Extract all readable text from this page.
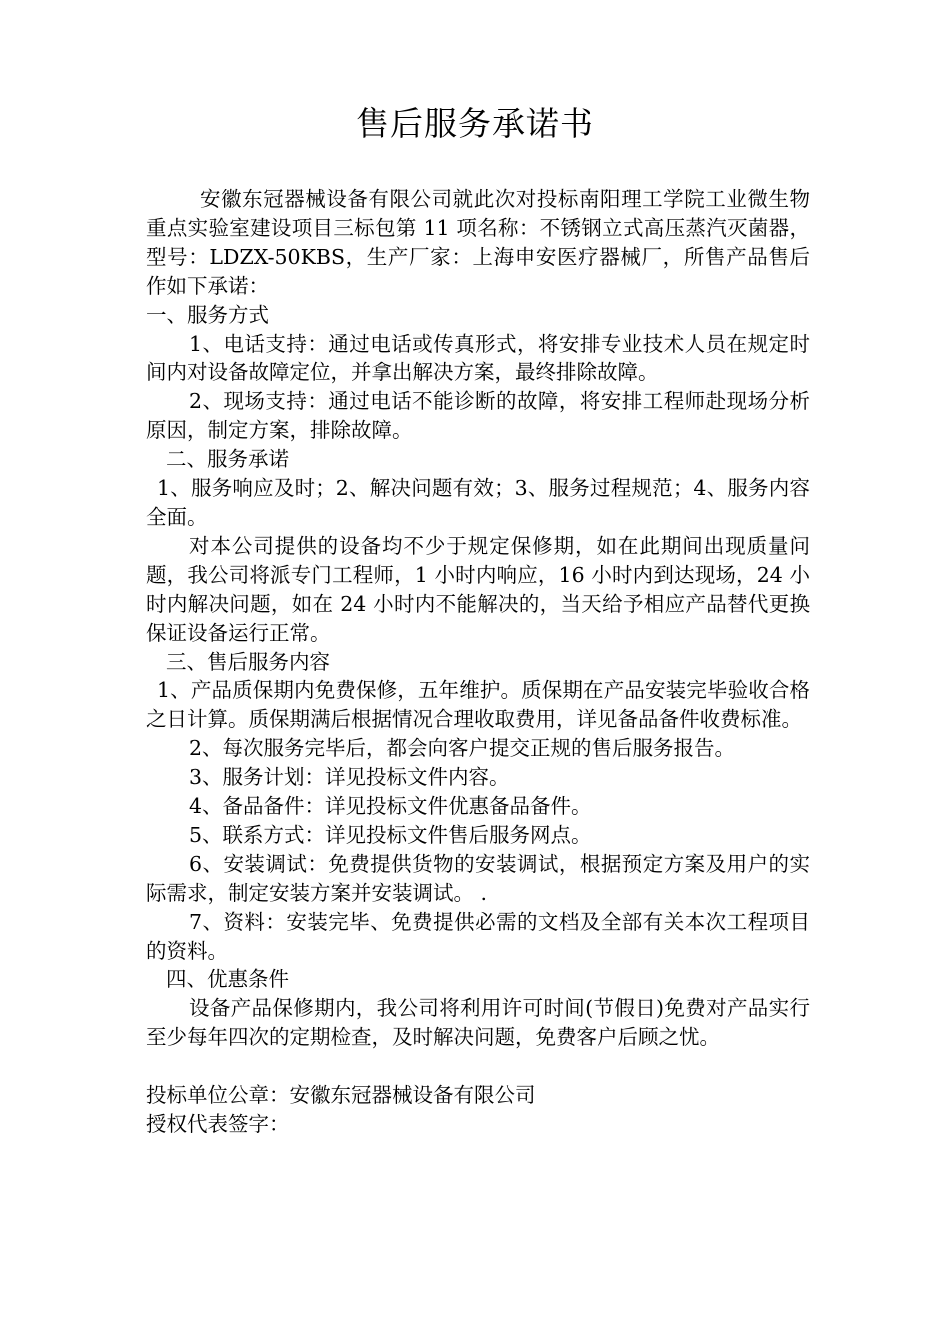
售后服务承诺书

安徽东冠器械设备有限公司就此次对投标南阳理工学院工业微生物重点实验室建设项目三标包第 11 项名称：不锈钢立式高压蒸汽灭菌器，型号：LDZX-50KBS，生产厂家：上海申安医疗器械厂，所售产品售后作如下承诺：

一、服务方式

1、电话支持：通过电话或传真形式，将安排专业技术人员在规定时间内对设备故障定位，并拿出解决方案，最终排除故障。

2、现场支持：通过电话不能诊断的故障，将安排工程师赴现场分析原因，制定方案，排除故障。

二、服务承诺

1、服务响应及时；2、解决问题有效；3、服务过程规范；4、服务内容全面。

对本公司提供的设备均不少于规定保修期，如在此期间出现质量问题，我公司将派专门工程师，1 小时内响应，16 小时内到达现场，24 小时内解决问题，如在 24 小时内不能解决的，当天给予相应产品替代更换保证设备运行正常。

三、售后服务内容

1、产品质保期内免费保修，五年维护。质保期在产品安装完毕验收合格之日计算。质保期满后根据情况合理收取费用，详见备品备件收费标准。

2、每次服务完毕后，都会向客户提交正规的售后服务报告。

3、服务计划：详见投标文件内容。

4、备品备件：详见投标文件优惠备品备件。

5、联系方式：详见投标文件售后服务网点。

6、安装调试：免费提供货物的安装调试，根据预定方案及用户的实际需求，制定安装方案并安装调试。 .

7、资料：安装完毕、免费提供必需的文档及全部有关本次工程项目的资料。

四、优惠条件

设备产品保修期内，我公司将利用许可时间(节假日)免费对产品实行至少每年四次的定期检查，及时解决问题，免费客户后顾之忧。

投标单位公章：安徽东冠器械设备有限公司

授权代表签字：
